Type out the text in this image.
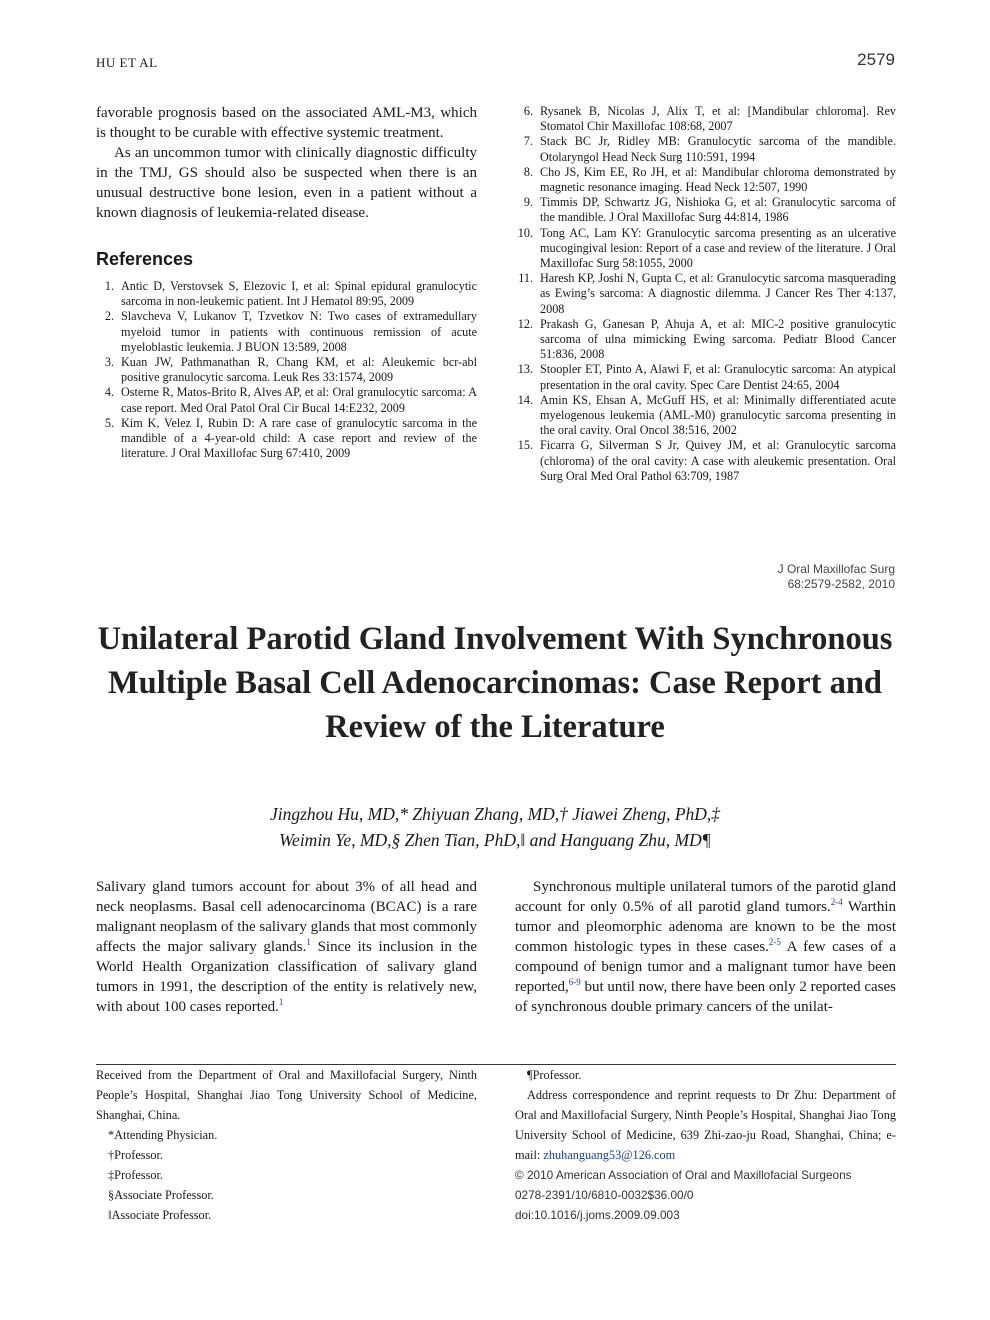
HU ET AL	2579

favorable prognosis based on the associated AML-M3, which is thought to be curable with effective systemic treatment.

As an uncommon tumor with clinically diagnostic difficulty in the TMJ, GS should also be suspected when there is an unusual destructive bone lesion, even in a patient without a known diagnosis of leukemia-related disease.

References

1. Antic D, Verstovsek S, Elezovic I, et al: Spinal epidural granulocytic sarcoma in non-leukemic patient. Int J Hematol 89:95, 2009
2. Slavcheva V, Lukanov T, Tzvetkov N: Two cases of extramedullary myeloid tumor in patients with continuous remission of acute myeloblastic leukemia. J BUON 13:589, 2008
3. Kuan JW, Pathmanathan R, Chang KM, et al: Aleukemic bcr-abl positive granulocytic sarcoma. Leuk Res 33:1574, 2009
4. Osterne R, Matos-Brito R, Alves AP, et al: Oral granulocytic sarcoma: A case report. Med Oral Patol Oral Cir Bucal 14:E232, 2009
5. Kim K, Velez I, Rubin D: A rare case of granulocytic sarcoma in the mandible of a 4-year-old child: A case report and review of the literature. J Oral Maxillofac Surg 67:410, 2009
6. Rysanek B, Nicolas J, Alix T, et al: [Mandibular chloroma]. Rev Stomatol Chir Maxillofac 108:68, 2007
7. Stack BC Jr, Ridley MB: Granulocytic sarcoma of the mandible. Otolaryngol Head Neck Surg 110:591, 1994
8. Cho JS, Kim EE, Ro JH, et al: Mandibular chloroma demonstrated by magnetic resonance imaging. Head Neck 12:507, 1990
9. Timmis DP, Schwartz JG, Nishioka G, et al: Granulocytic sarcoma of the mandible. J Oral Maxillofac Surg 44:814, 1986
10. Tong AC, Lam KY: Granulocytic sarcoma presenting as an ulcerative mucogingival lesion: Report of a case and review of the literature. J Oral Maxillofac Surg 58:1055, 2000
11. Haresh KP, Joshi N, Gupta C, et al: Granulocytic sarcoma masquerading as Ewing’s sarcoma: A diagnostic dilemma. J Cancer Res Ther 4:137, 2008
12. Prakash G, Ganesan P, Ahuja A, et al: MIC-2 positive granulocytic sarcoma of ulna mimicking Ewing sarcoma. Pediatr Blood Cancer 51:836, 2008
13. Stoopler ET, Pinto A, Alawi F, et al: Granulocytic sarcoma: An atypical presentation in the oral cavity. Spec Care Dentist 24:65, 2004
14. Amin KS, Ehsan A, McGuff HS, et al: Minimally differentiated acute myelogenous leukemia (AML-M0) granulocytic sarcoma presenting in the oral cavity. Oral Oncol 38:516, 2002
15. Ficarra G, Silverman S Jr, Quivey JM, et al: Granulocytic sarcoma (chloroma) of the oral cavity: A case with aleukemic presentation. Oral Surg Oral Med Oral Pathol 63:709, 1987
J Oral Maxillofac Surg
68:2579-2582, 2010
Unilateral Parotid Gland Involvement With Synchronous Multiple Basal Cell Adenocarcinomas: Case Report and Review of the Literature
Jingzhou Hu, MD,* Zhiyuan Zhang, MD,† Jiawei Zheng, PhD,‡
Weimin Ye, MD,§ Zhen Tian, PhD,‖ and Hanguang Zhu, MD¶

Salivary gland tumors account for about 3% of all head and neck neoplasms. Basal cell adenocarcinoma (BCAC) is a rare malignant neoplasm of the salivary glands that most commonly affects the major salivary glands.$^1$ Since its inclusion in the World Health Organization classification of salivary gland tumors in 1991, the description of the entity is relatively new, with about 100 cases reported.$^1$

Synchronous multiple unilateral tumors of the parotid gland account for only 0.5% of all parotid gland tumors.$^{2-4}$ Warthin tumor and pleomorphic adenoma are known to be the most common histologic types in these cases.$^{2-5}$ A few cases of a compound of benign tumor and a malignant tumor have been reported,$^{6-9}$ but until now, there have been only 2 reported cases of synchronous double primary cancers of the unilat-

Received from the Department of Oral and Maxillofacial Surgery, Ninth People’s Hospital, Shanghai Jiao Tong University School of Medicine, Shanghai, China.

*Attending Physician.

†Professor.

‡Professor.

§Associate Professor.

‖Associate Professor.

¶Professor.

Address correspondence and reprint requests to Dr Zhu: Department of Oral and Maxillofacial Surgery, Ninth People’s Hospital, Shanghai Jiao Tong University School of Medicine, 639 Zhi-zao-ju Road, Shanghai, China; e-mail: zhuhanguang53@126.com

© 2010 American Association of Oral and Maxillofacial Surgeons

0278-2391/10/6810-0032$36.00/0

doi:10.1016/j.joms.2009.09.003
